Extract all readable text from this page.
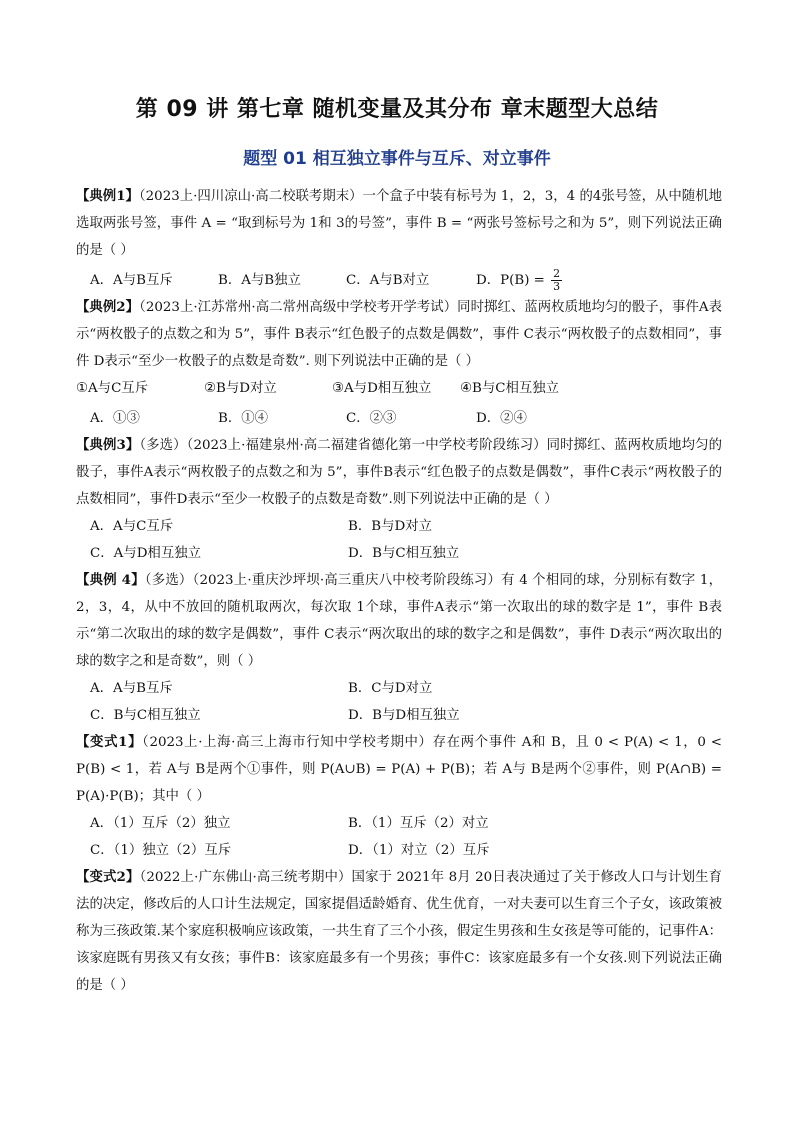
第 09 讲 第七章 随机变量及其分布 章末题型大总结
题型 01 相互独立事件与互斥、对立事件

【典例1】（2023上·四川凉山·高二校联考期末）一个盒子中装有标号为 1，2，3，4 的4张号签，从中随机地选取两张号签，事件 A = “取到标号为 1和 3的号签”，事件 B = “两张号签标号之和为 5”，则下列说法正确的是（ ）

A．A与B互斥	B．A与B独立	C．A与B对立	D．$P(B) = \frac{2}{3}$

【典例2】（2023上·江苏常州·高二常州高级中学校考开学考试）同时掷红、蓝两枚质地均匀的骰子，事件A表示“两枚骰子的点数之和为 5”，事件 B表示“红色骰子的点数是偶数”，事件 C表示“两枚骰子的点数相同”，事件 D表示“至少一枚骰子的点数是奇数”. 则下列说法中正确的是（ ）

①A与C互斥	②B与D对立	③A与D相互独立	④B与C相互独立
A．①③	B．①④	C．②③	D．②④

【典例3】（多选）（2023上·福建泉州·高二福建省德化第一中学校考阶段练习）同时掷红、蓝两枚质地均匀的骰子，事件A表示“两枚骰子的点数之和为 5”，事件B表示“红色骰子的点数是偶数”，事件C表示“两枚骰子的点数相同”，事件D表示“至少一枚骰子的点数是奇数”.则下列说法中正确的是（ ）

A．A与C互斥	B．B与D对立
C．A与D相互独立	D．B与C相互独立

【典例 4】（多选）（2023上·重庆沙坪坝·高三重庆八中校考阶段练习）有 4 个相同的球，分别标有数字 1，2，3，4，从中不放回的随机取两次，每次取 1个球，事件A表示“第一次取出的球的数字是 1”，事件 B表示“第二次取出的球的数字是偶数”，事件 C表示“两次取出的球的数字之和是偶数”，事件 D表示“两次取出的球的数字之和是奇数”，则（ ）

A．A与B互斥	B．C与D对立
C．B与C相互独立	D．B与D相互独立

【变式1】（2023上·上海·高三上海市行知中学校考期中）存在两个事件 A和 B，且 0 < P(A) < 1，0 < P(B) < 1，若 A与 B是两个①事件，则 P(A∪B) = P(A) + P(B)；若 A与 B是两个②事件，则 P(A∩B) = P(A)·P(B)；其中（ ）

A．（1）互斥（2）独立	B．（1）互斥（2）对立
C．（1）独立（2）互斥	D．（1）对立（2）互斥

【变式2】（2022上·广东佛山·高三统考期中）国家于 2021年 8月 20日表决通过了关于修改人口与计划生育法的决定，修改后的人口计生法规定，国家提倡适龄婚育、优生优育，一对夫妻可以生育三个子女，该政策被称为三孩政策.某个家庭积极响应该政策，一共生育了三个小孩，假定生男孩和生女孩是等可能的，记事件A：该家庭既有男孩又有女孩；事件B：该家庭最多有一个男孩；事件C：该家庭最多有一个女孩.则下列说法正确的是（ ）
